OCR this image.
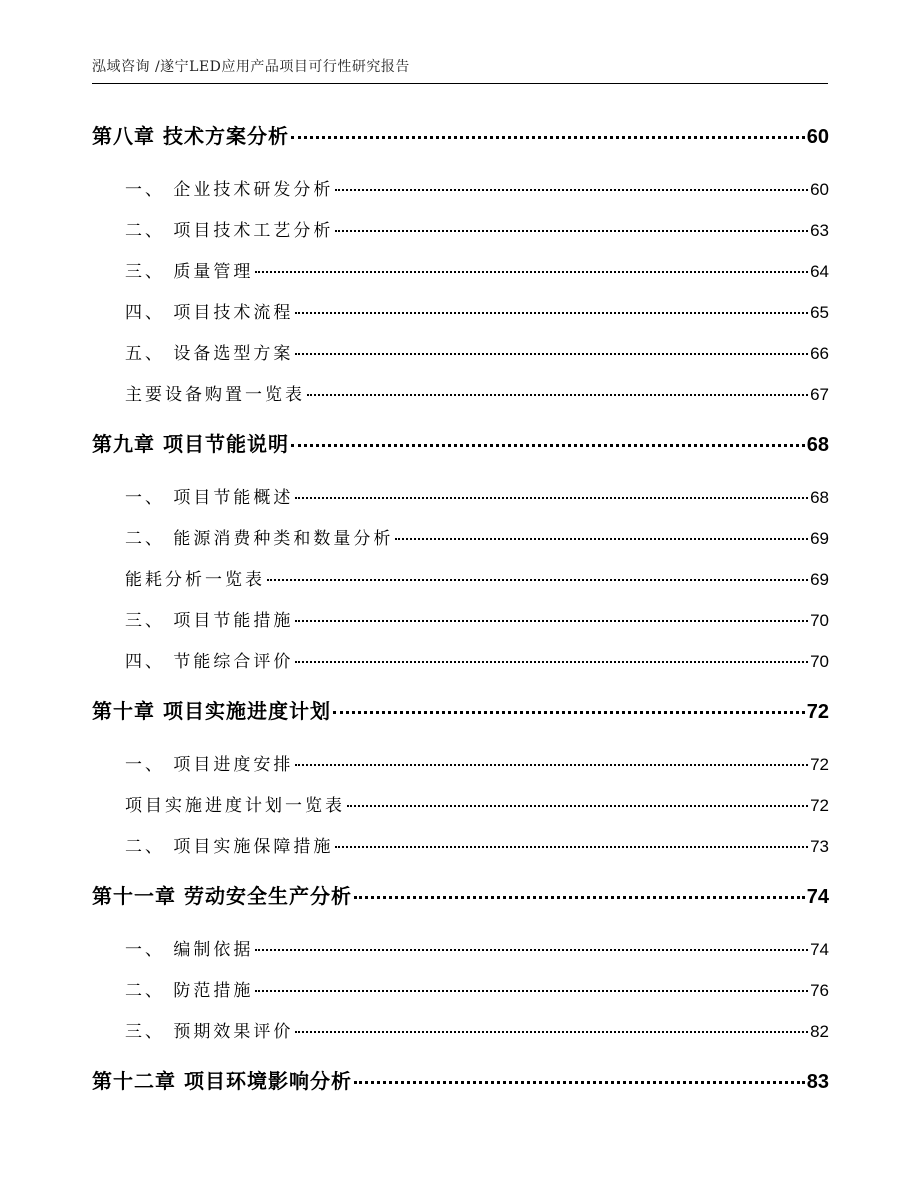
泓域咨询 /遂宁LED应用产品项目可行性研究报告
第八章 技术方案分析	60
一、 企业技术研发分析	60
二、 项目技术工艺分析	63
三、 质量管理	64
四、 项目技术流程	65
五、 设备选型方案	66
主要设备购置一览表	67
第九章 项目节能说明	68
一、 项目节能概述	68
二、 能源消费种类和数量分析	69
能耗分析一览表	69
三、 项目节能措施	70
四、 节能综合评价	70
第十章 项目实施进度计划	72
一、 项目进度安排	72
项目实施进度计划一览表	72
二、 项目实施保障措施	73
第十一章 劳动安全生产分析	74
一、 编制依据	74
二、 防范措施	76
三、 预期效果评价	82
第十二章 项目环境影响分析	83
